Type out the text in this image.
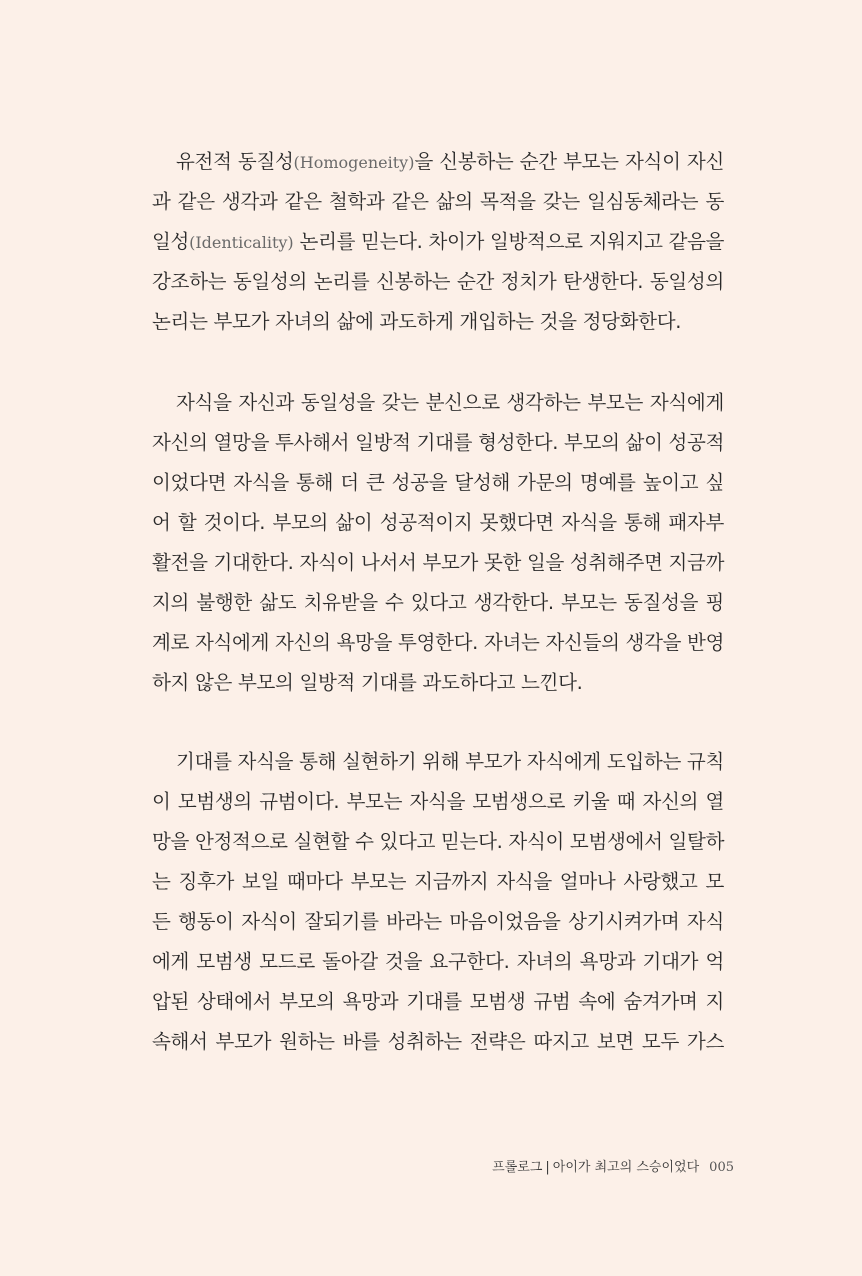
유전적 동질성(Homogeneity)을 신봉하는 순간 부모는 자식이 자신
과 같은 생각과 같은 철학과 같은 삶의 목적을 갖는 일심동체라는 동
일성(Identicality) 논리를 믿는다. 차이가 일방적으로 지워지고 같음을
강조하는 동일성의 논리를 신봉하는 순간 정치가 탄생한다. 동일성의
논리는 부모가 자녀의 삶에 과도하게 개입하는 것을 정당화한다.
자식을 자신과 동일성을 갖는 분신으로 생각하는 부모는 자식에게
자신의 열망을 투사해서 일방적 기대를 형성한다. 부모의 삶이 성공적
이었다면 자식을 통해 더 큰 성공을 달성해 가문의 명예를 높이고 싶
어 할 것이다. 부모의 삶이 성공적이지 못했다면 자식을 통해 패자부
활전을 기대한다. 자식이 나서서 부모가 못한 일을 성취해주면 지금까
지의 불행한 삶도 치유받을 수 있다고 생각한다. 부모는 동질성을 핑
계로 자식에게 자신의 욕망을 투영한다. 자녀는 자신들의 생각을 반영
하지 않은 부모의 일방적 기대를 과도하다고 느낀다.
기대를 자식을 통해 실현하기 위해 부모가 자식에게 도입하는 규칙
이 모범생의 규범이다. 부모는 자식을 모범생으로 키울 때 자신의 열
망을 안정적으로 실현할 수 있다고 믿는다. 자식이 모범생에서 일탈하
는 징후가 보일 때마다 부모는 지금까지 자식을 얼마나 사랑했고 모
든 행동이 자식이 잘되기를 바라는 마음이었음을 상기시켜가며 자식
에게 모범생 모드로 돌아갈 것을 요구한다. 자녀의 욕망과 기대가 억
압된 상태에서 부모의 욕망과 기대를 모범생 규범 속에 숨겨가며 지
속해서 부모가 원하는 바를 성취하는 전략은 따지고 보면 모두 가스
프롤로그 | 아이가 최고의 스승이었다 005
